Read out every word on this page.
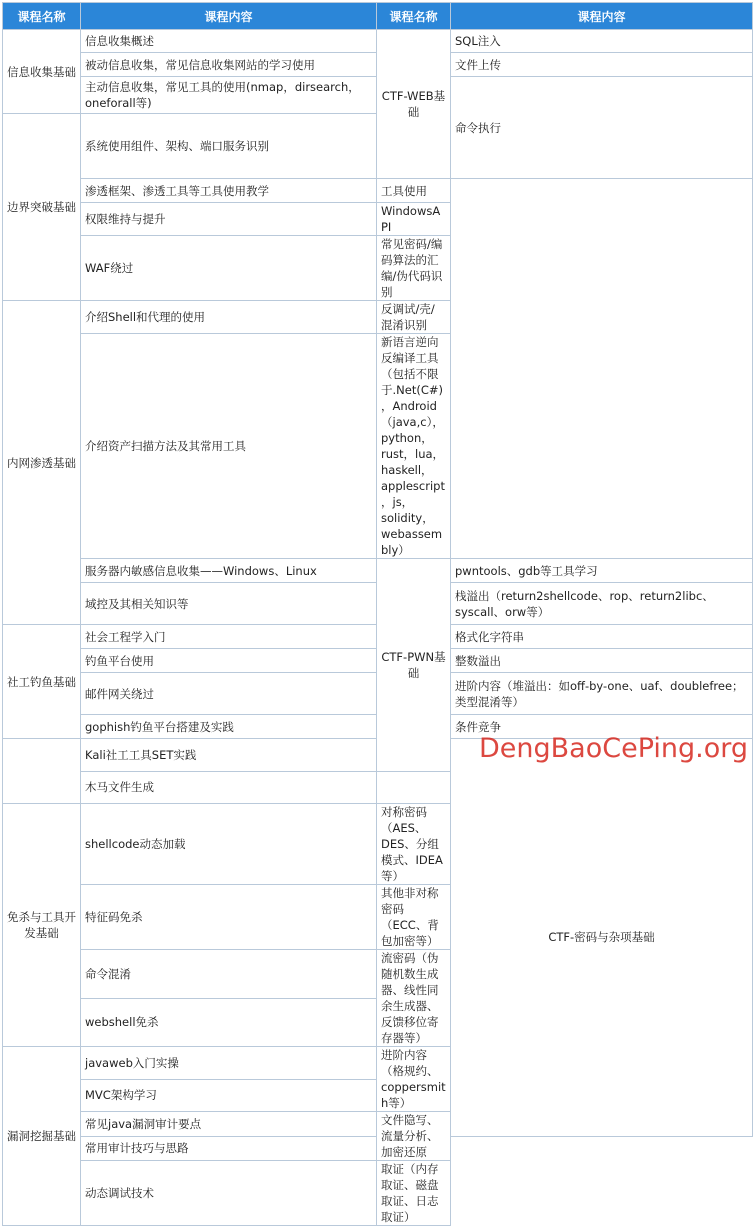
课程名称	课程内容	课程名称	课程内容	
信息收集基础	信息收集概述	CTF-WEB基础	SQL注入	
	被动信息收集，常见信息收集网站的学习使用		文件上传	
	主动信息收集，常见工具的使用(nmap，dirsearch，oneforall等)		命令执行	
边界突破基础	系统使用组件、架构、端口服务识别		
	渗透框架、渗透工具等工具使用教学	工具使用		
	权限维持与提升	WindowsAPI		
	WAF绕过	常见密码/编码算法的汇编/伪代码识别		
内网渗透基础	介绍Shell和代理的使用	反调试/壳/混淆识别		
	介绍资产扫描方法及其常用工具	新语言逆向反编译工具（包括不限于.Net(C#)，Android（java,c），python，rust，lua，haskell，applescript，js，solidity，webassembly）		
	服务器内敏感信息收集——Windows、Linux	CTF-PWN基础	pwntools、gdb等工具学习	
	域控及其相关知识等		栈溢出（return2shellcode、rop、return2libc、syscall、orw等）	
社工钓鱼基础	社会工程学入门		格式化字符串	
	钓鱼平台使用		整数溢出	
	邮件网关绕过		进阶内容（堆溢出：如off-by-one、uaf、doublefree；类型混淆等）	
	gophish钓鱼平台搭建及实践		条件竞争	
	Kali社工工具SET实践		CTF-密码与杂项基础	
	木马文件生成			
免杀与工具开发基础	shellcode动态加载	对称密码（AES、DES、分组模式、IDEA等）		
	特征码免杀	其他非对称密码（ECC、背包加密等）		
	命令混淆	流密码（伪随机数生成器、线性同余生成器、反馈移位寄存器等）		
	webshell免杀			
漏洞挖掘基础	javaweb入门实操	进阶内容（格规约、coppersmith等）		
	MVC架构学习			
	常见java漏洞审计要点	文件隐写、流量分析、加密还原		
	常用审计技巧与思路			
	动态调试技术	取证（内存取证、磁盘取证、日志取证）		
DengBaoCePing.org
